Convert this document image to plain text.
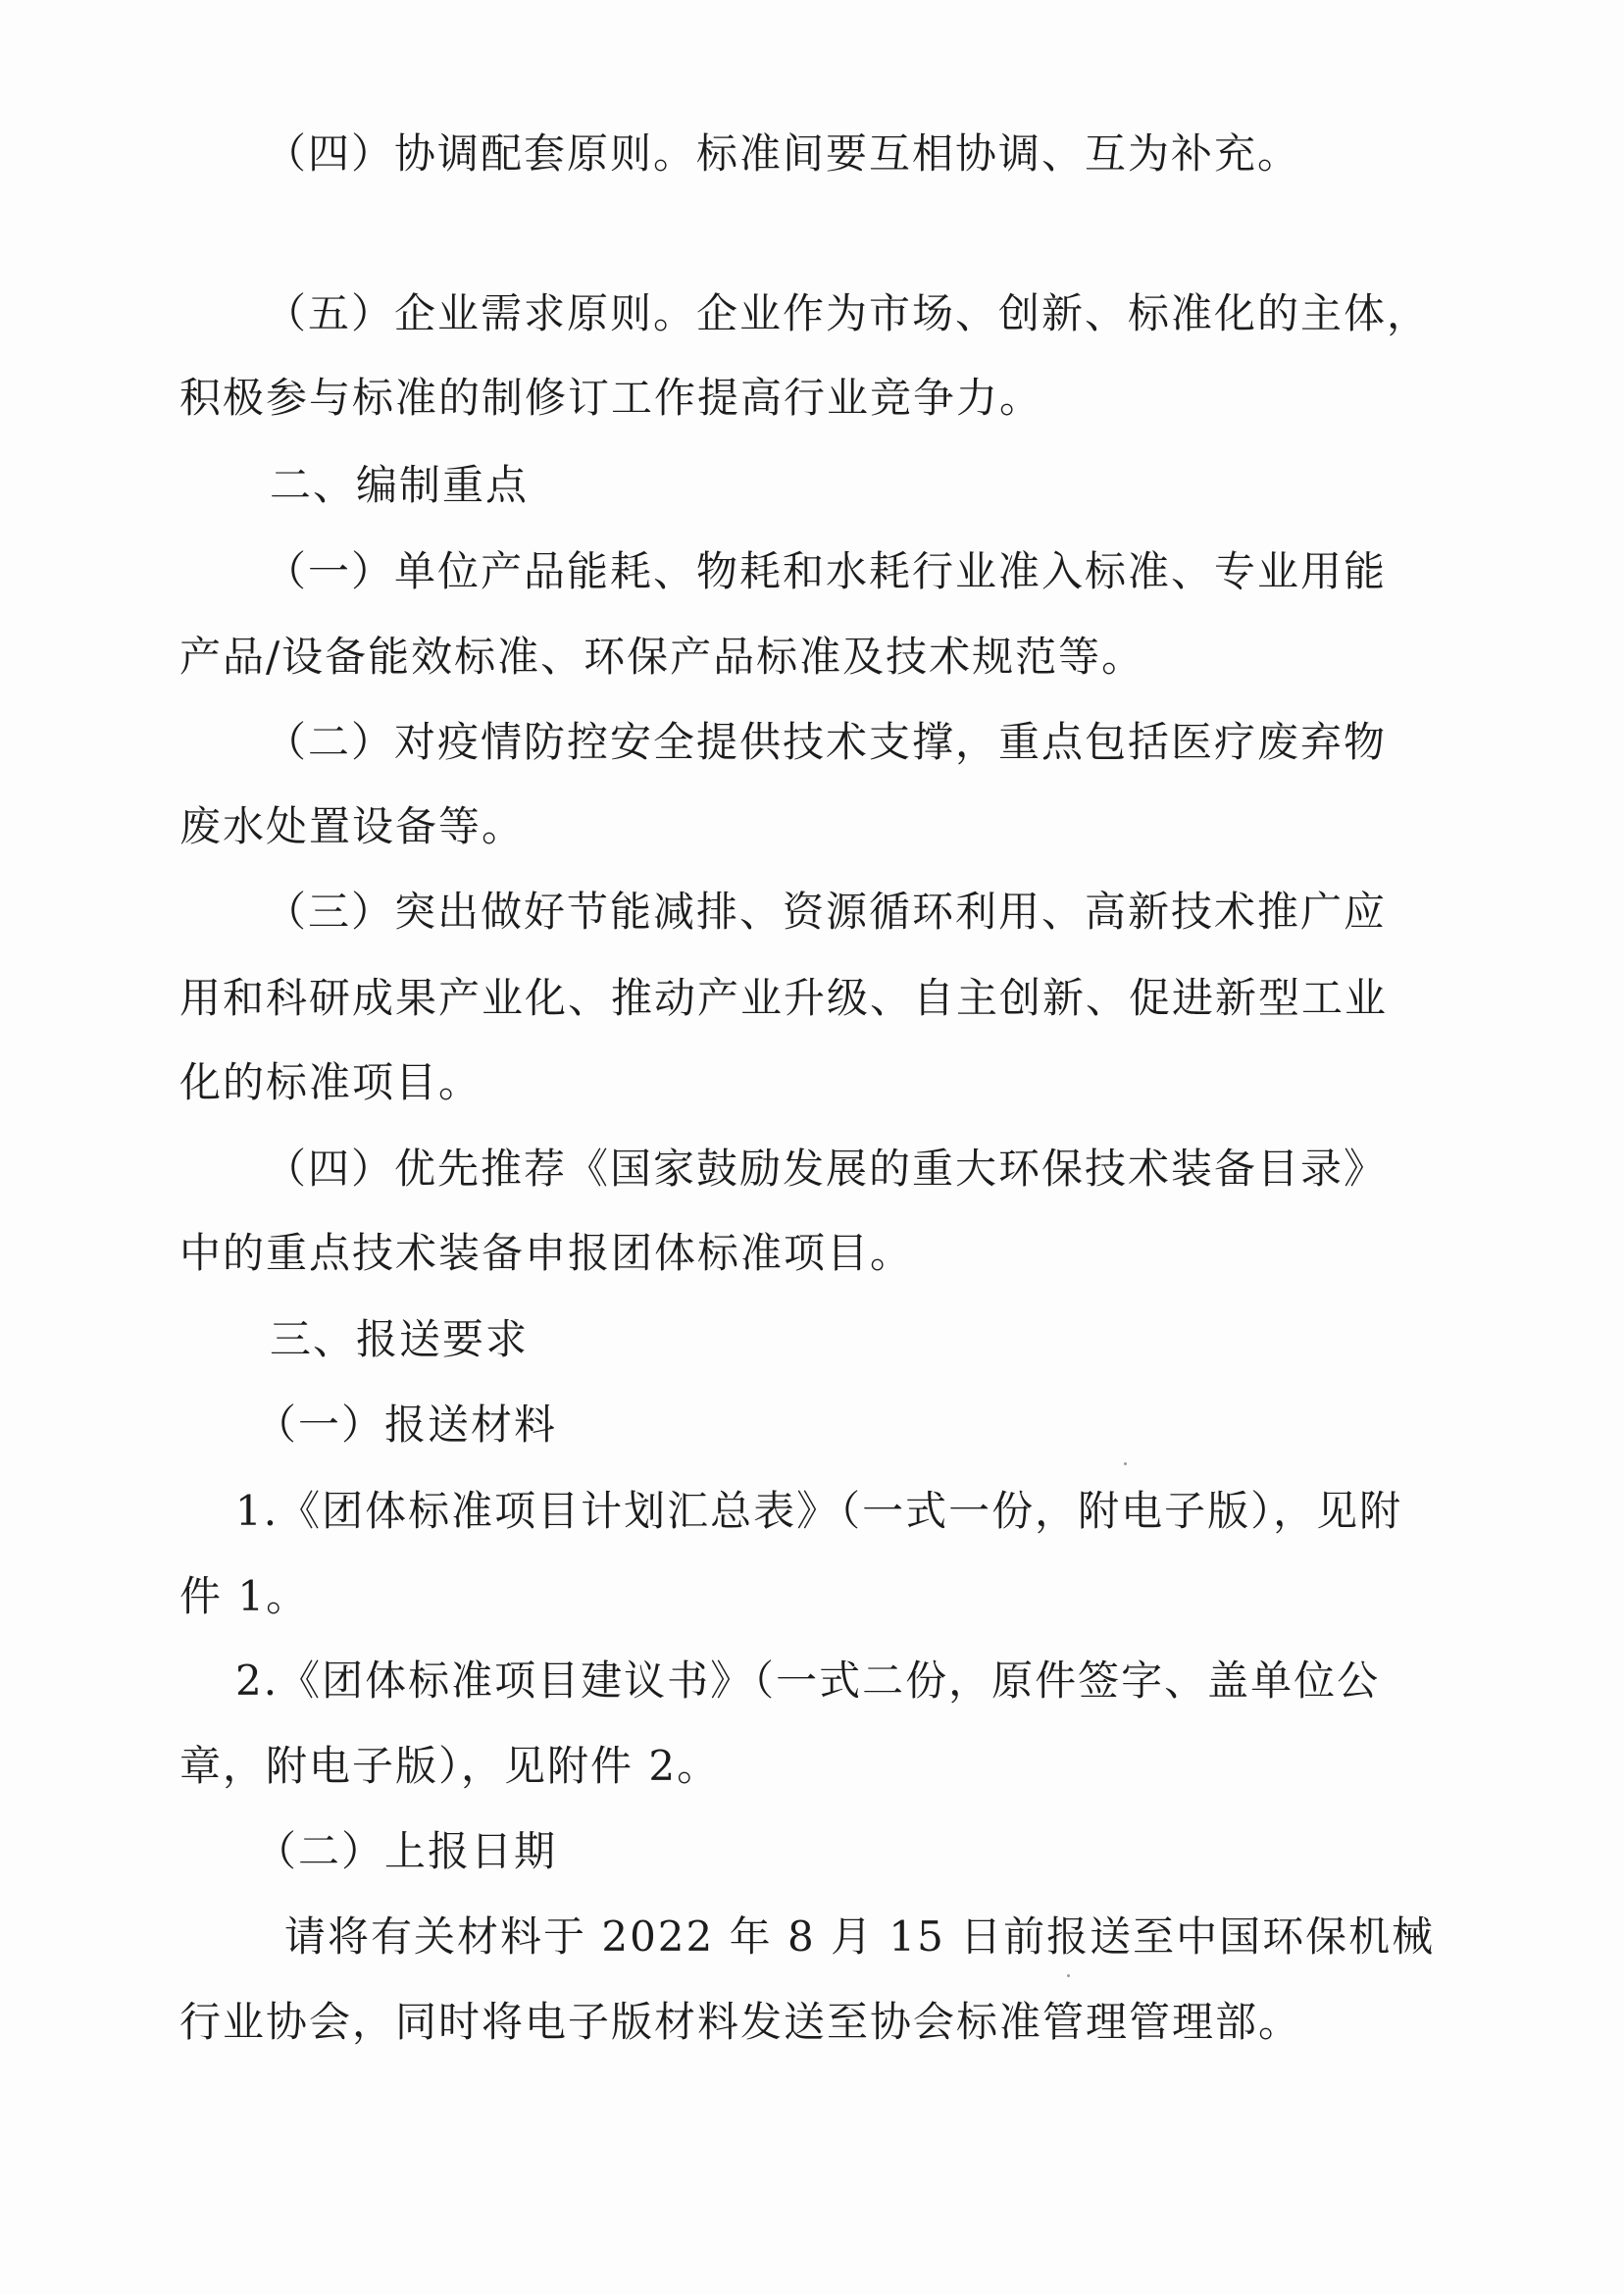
（四）协调配套原则。标准间要互相协调、互为补充。
（五）企业需求原则。企业作为市场、创新、标准化的主体，
积极参与标准的制修订工作提高行业竞争力。
二、编制重点
（一）单位产品能耗、物耗和水耗行业准入标准、专业用能
产品/设备能效标准、环保产品标准及技术规范等。
（二）对疫情防控安全提供技术支撑，重点包括医疗废弃物
废水处置设备等。
（三）突出做好节能减排、资源循环利用、高新技术推广应
用和科研成果产业化、推动产业升级、自主创新、促进新型工业
化的标准项目。
（四）优先推荐《国家鼓励发展的重大环保技术装备目录》
中的重点技术装备申报团体标准项目。
三、报送要求
（一）报送材料
1.《团体标准项目计划汇总表》（一式一份，附电子版），见附
件 1。
2.《团体标准项目建议书》（一式二份，原件签字、盖单位公
章，附电子版），见附件 2。
（二）上报日期
请将有关材料于 2022 年 8 月 15 日前报送至中国环保机械
行业协会，同时将电子版材料发送至协会标准管理管理部。
